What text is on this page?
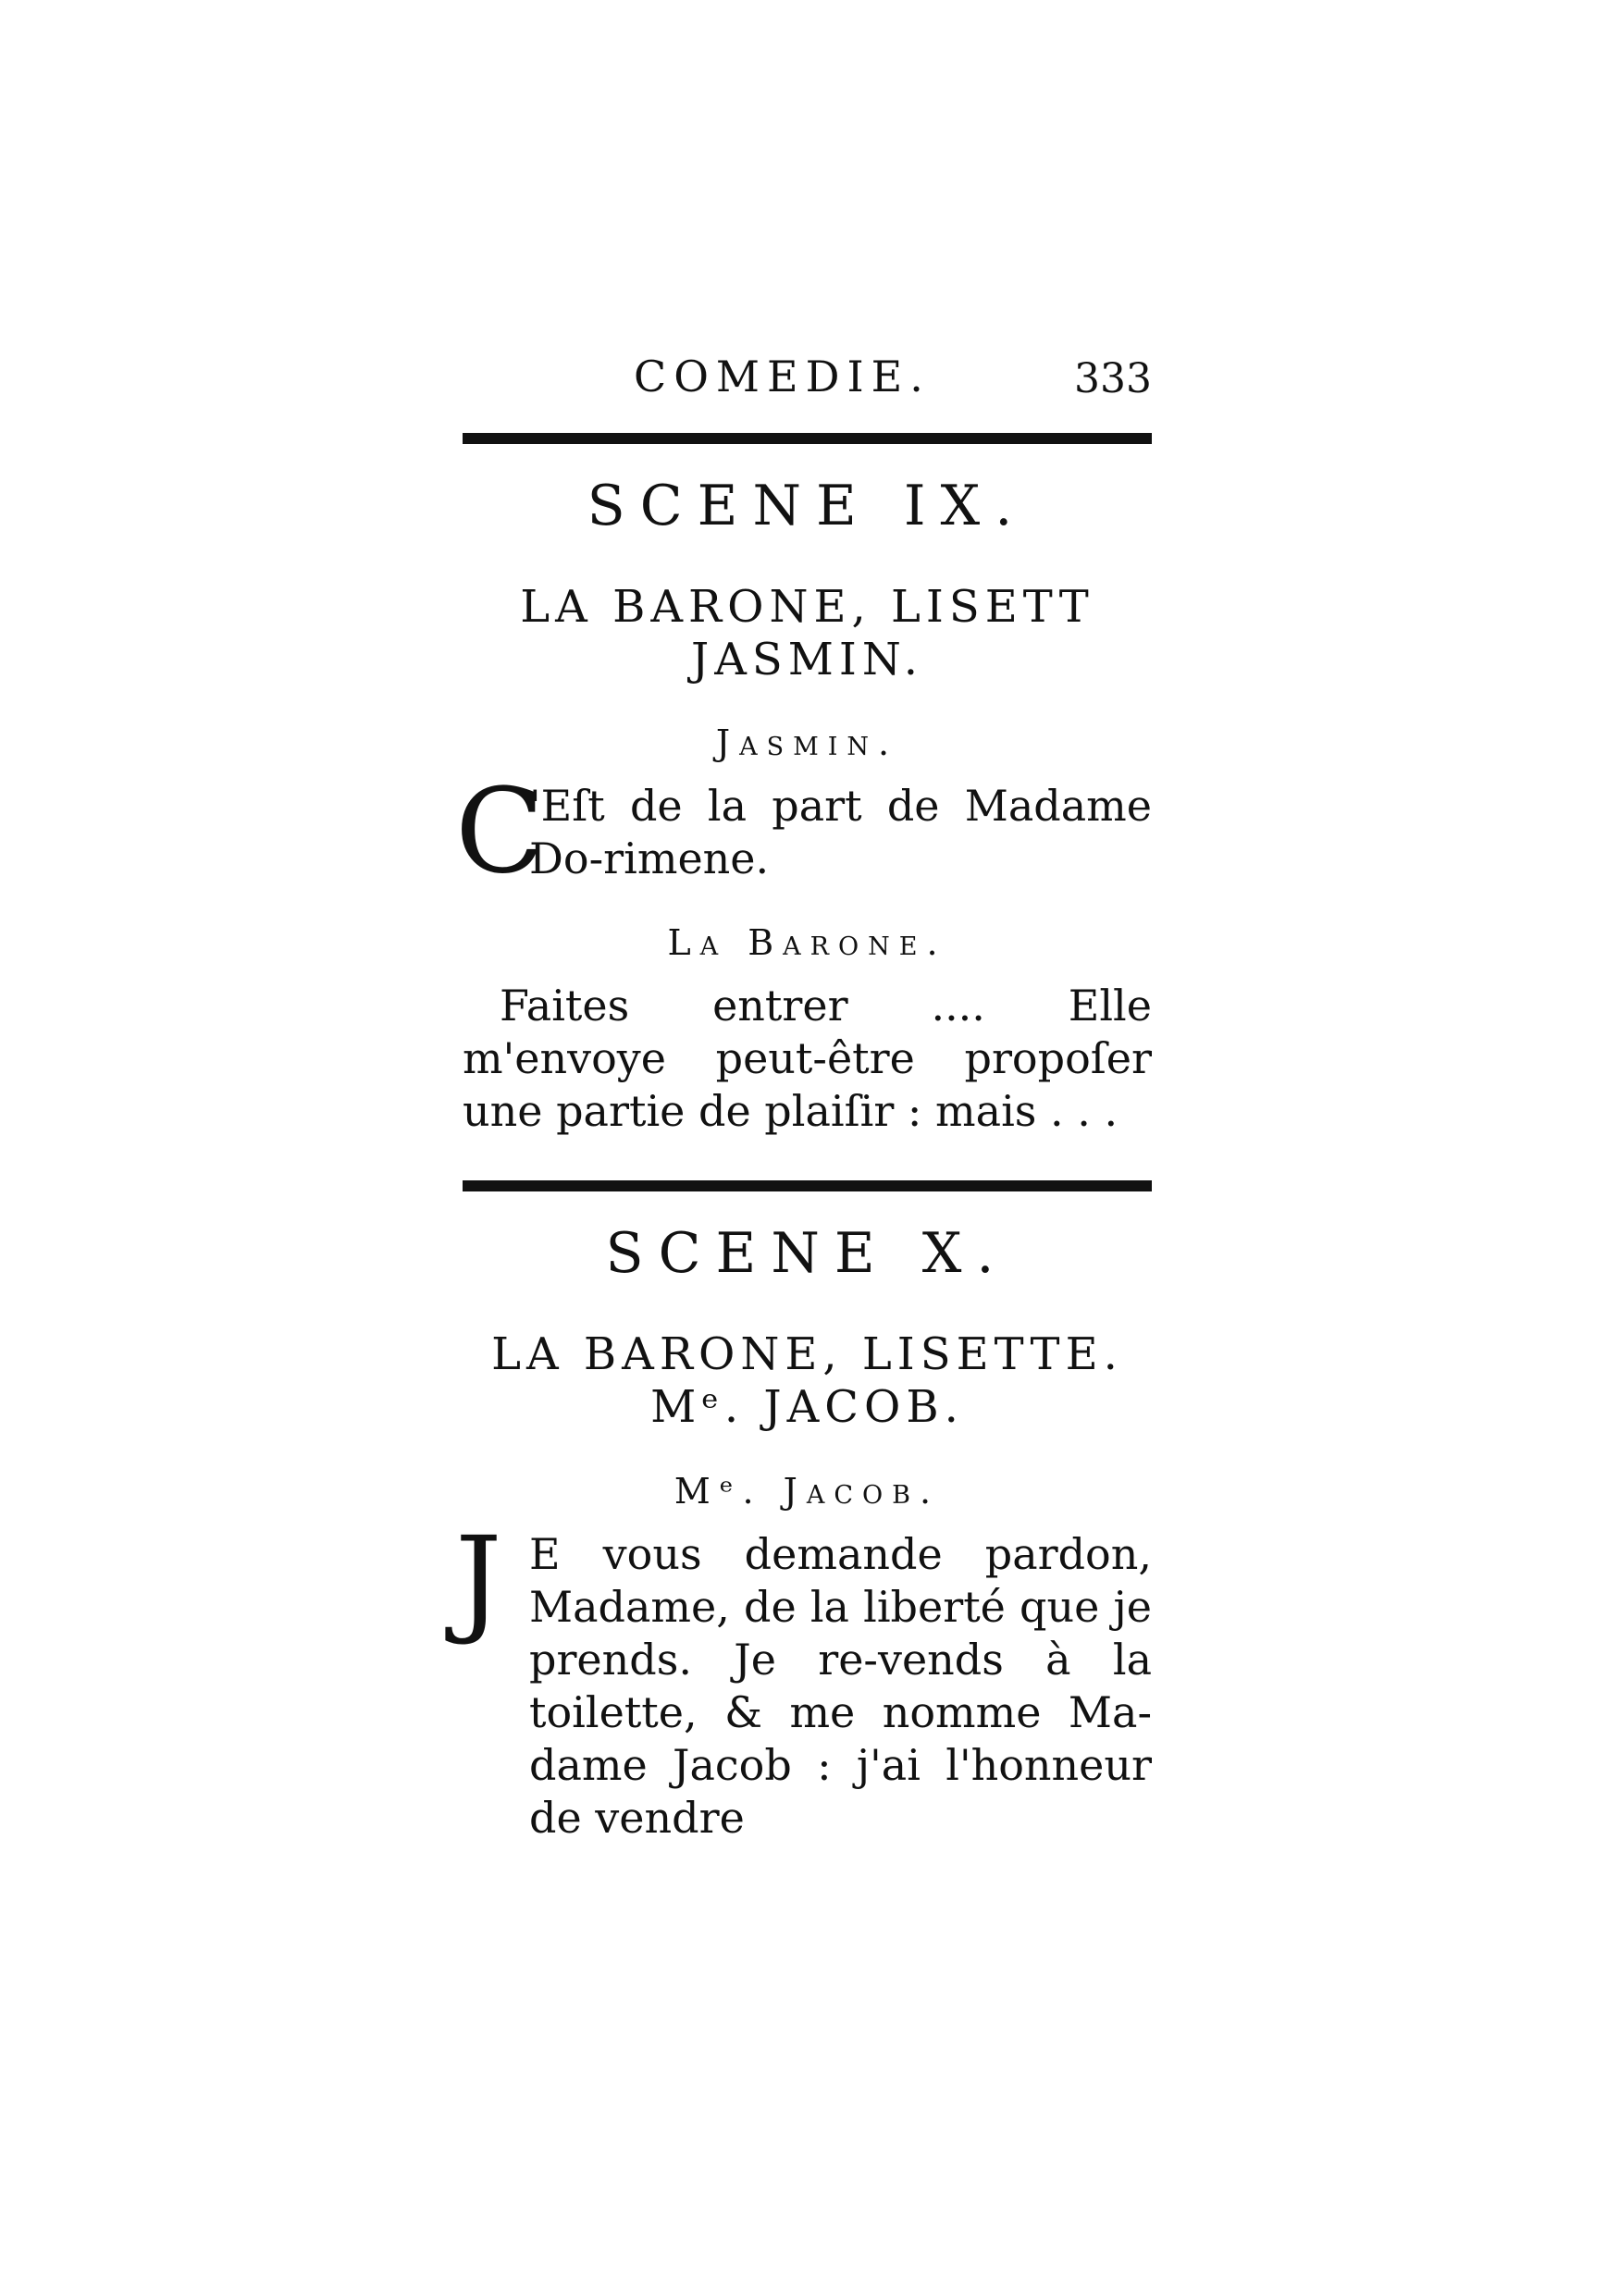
COMEDIE.	333
SCENE IX.
LA BARONE, LISETT
JASMIN.
Jasmin.
C
'Eſt de la part de Madame Do-rimene.
La Barone.
Faites entrer .... Elle m'envoye peut-être propoſer une partie de plaiſir : mais . . .
SCENE X.
LA BARONE, LISETTE.
Mᵉ. JACOB.
Mᵉ. Jacob.
J E vous demande pardon, Madame, de la liberté que je prends. Je re-vends à la toilette, & me nomme Ma-dame Jacob : j'ai l'honneur de vendre
